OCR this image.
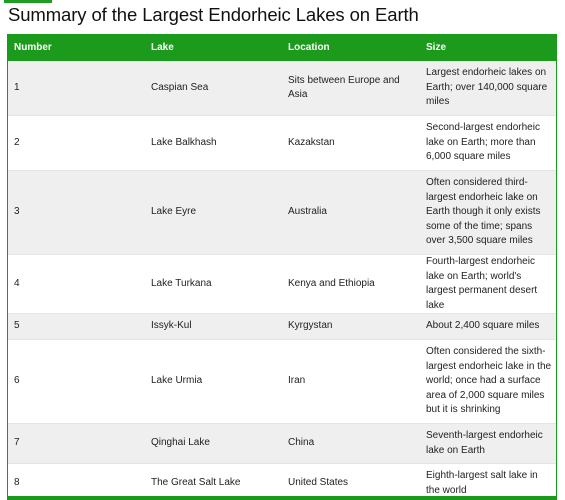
Summary of the Largest Endorheic Lakes on Earth
Number	Lake	Location	Size
1	Caspian Sea	Sits between Europe and Asia	Largest endorheic lakes on Earth; over 140,000 square miles
2	Lake Balkhash	Kazakstan	Second-largest endorheic lake on Earth; more than 6,000 square miles
3	Lake Eyre	Australia	Often considered third-largest endorheic lake on Earth though it only exists some of the time; spans over 3,500 square miles
4	Lake Turkana	Kenya and Ethiopia	Fourth-largest endorheic lake on Earth; world's largest permanent desert lake
5	Issyk-Kul	Kyrgystan	About 2,400 square miles
6	Lake Urmia	Iran	Often considered the sixth-largest endorheic lake in the world; once had a surface area of 2,000 square miles but it is shrinking
7	Qinghai Lake	China	Seventh-largest endorheic lake on Earth
8	The Great Salt Lake	United States	Eighth-largest salt lake in the world
